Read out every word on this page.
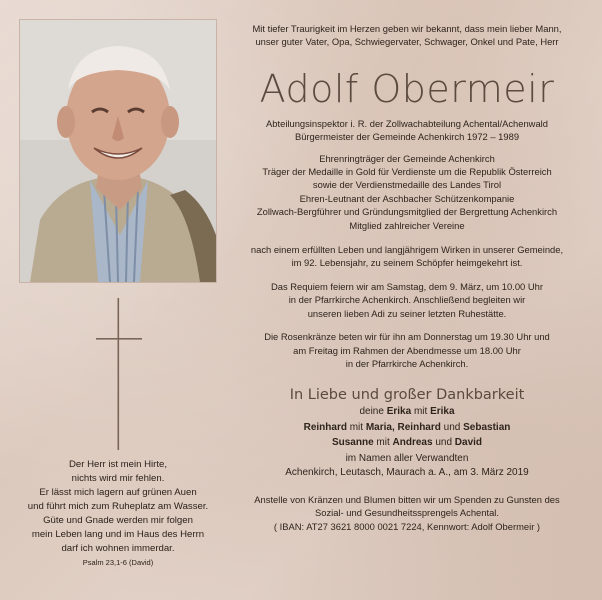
Der Herr ist mein Hirte,
nichts wird mir fehlen.
Er lässt mich lagern auf grünen Auen
und führt mich zum Ruheplatz am Wasser.
Güte und Gnade werden mir folgen
mein Leben lang und im Haus des Herrn
darf ich wohnen immerdar.
Psalm 23,1-6 (David)

Mit tiefer Traurigkeit im Herzen geben wir bekannt, dass mein lieber Mann,

unser guter Vater, Opa, Schwiegervater, Schwager, Onkel und Pate, Herr

Adolf Obermeir

Abteilungsinspektor i. R. der Zollwachabteilung Achental/Achenwald

Bürgermeister der Gemeinde Achenkirch 1972 – 1989

Ehrenringträger der Gemeinde Achenkirch

Träger der Medaille in Gold für Verdienste um die Republik Österreich

sowie der Verdienstmedaille des Landes Tirol

Ehren-Leutnant der Aschbacher Schützenkompanie

Zollwach-Bergführer und Gründungsmitglied der Bergrettung Achenkirch

Mitglied zahlreicher Vereine

nach einem erfüllten Leben und langjährigem Wirken in unserer Gemeinde,

im 92. Lebensjahr, zu seinem Schöpfer heimgekehrt ist.

Das Requiem feiern wir am Samstag, dem 9. März, um 10.00 Uhr

in der Pfarrkirche Achenkirch. Anschließend begleiten wir

unseren lieben Adi zu seiner letzten Ruhestätte.

Die Rosenkränze beten wir für ihn am Donnerstag um 19.30 Uhr und

am Freitag im Rahmen der Abendmesse um 18.00 Uhr

in der Pfarrkirche Achenkirch.

In Liebe und großer Dankbarkeit
deine Erika mit Erika
Reinhard mit Maria, Reinhard und Sebastian
Susanne mit Andreas und David
im Namen aller Verwandten

Achenkirch, Leutasch, Maurach a. A., am 3. März 2019

Anstelle von Kränzen und Blumen bitten wir um Spenden zu Gunsten des

Sozial- und Gesundheitssprengels Achental.

( IBAN: AT27 3621 8000 0021 7224, Kennwort: Adolf Obermeir )
